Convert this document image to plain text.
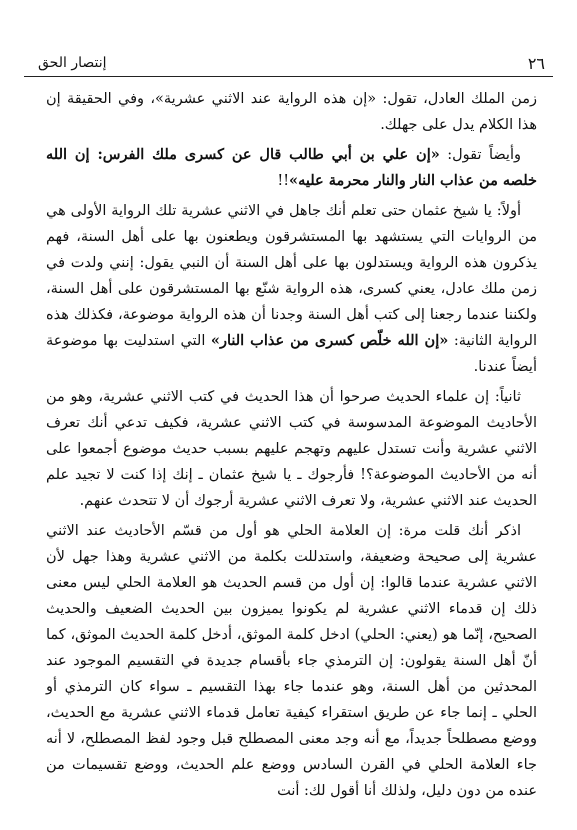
٢٦
إنتصار الحق

زمن الملك العادل، تقول: «إن هذه الرواية عند الاثني عشرية»، وفي الحقيقة إن هذا الكلام يدل على جهلك.

وأيضاً تقول: «إن علي بن أبي طالب قال عن كسرى ملك الفرس: إن الله خلصه من عذاب النار والنار محرمة عليه»!!

أولاً: يا شيخ عثمان حتى تعلم أنك جاهل في الاثني عشرية تلك الرواية الأولى هي من الروايات التي يستشهد بها المستشرقون ويطعنون بها على أهل السنة، فهم يذكرون هذه الرواية ويستدلون بها على أهل السنة أن النبي يقول: إنني ولدت في زمن ملك عادل، يعني كسرى، هذه الرواية شنّع بها المستشرقون على أهل السنة، ولكننا عندما رجعنا إلى كتب أهل السنة وجدنا أن هذه الرواية موضوعة، فكذلك هذه الرواية الثانية: «إن الله خلّص كسرى من عذاب النار» التي استدليت بها موضوعة أيضاً عندنا.

ثانياً: إن علماء الحديث صرحوا أن هذا الحديث في كتب الاثني عشرية، وهو من الأحاديث الموضوعة المدسوسة في كتب الاثني عشرية، فكيف تدعي أنك تعرف الاثني عشرية وأنت تستدل عليهم وتهجم عليهم بسبب حديث موضوع أجمعوا على أنه من الأحاديث الموضوعة؟! فأرجوك ـ يا شيخ عثمان ـ إنك إذا كنت لا تجيد علم الحديث عند الاثني عشرية، ولا تعرف الاثني عشرية أرجوك أن لا تتحدث عنهم.

اذكر أنك قلت مرة: إن العلامة الحلي هو أول من قسّم الأحاديث عند الاثني عشرية إلى صحيحة وضعيفة، واستدللت بكلمة من الاثني عشرية وهذا جهل لأن الاثني عشرية عندما قالوا: إن أول من قسم الحديث هو العلامة الحلي ليس معنى ذلك إن قدماء الاثني عشرية لم يكونوا يميزون بين الحديث الضعيف والحديث الصحيح، إنّما هو (يعني: الحلي) ادخل كلمة الموثق، أدخل كلمة الحديث الموثق، كما أنّ أهل السنة يقولون: إن الترمذي جاء بأقسام جديدة في التقسيم الموجود عند المحدثين من أهل السنة، وهو عندما جاء بهذا التقسيم ـ سواء كان الترمذي أو الحلي ـ إنما جاء عن طريق استقراء كيفية تعامل قدماء الاثني عشرية مع الحديث، ووضع مصطلحاً جديداً، مع أنه وجد معنى المصطلح قبل وجود لفظ المصطلح، لا أنه جاء العلامة الحلي في القرن السادس ووضع علم الحديث، ووضع تقسيمات من عنده من دون دليل، ولذلك أنا أقول لك: أنت
